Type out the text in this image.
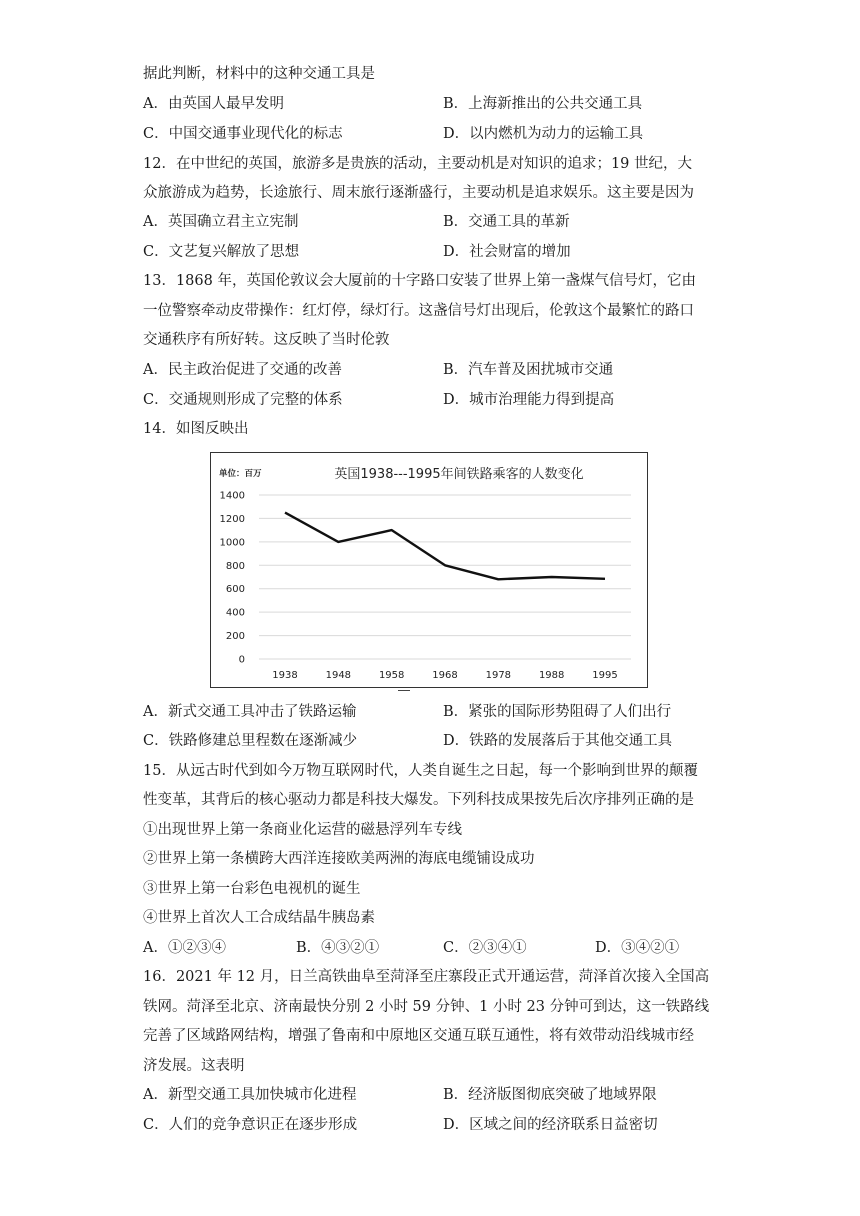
据此判断，材料中的这种交通工具是
A．由英国人最早发明	B．上海新推出的公共交通工具
C．中国交通事业现代化的标志	D．以内燃机为动力的运输工具
12．在中世纪的英国，旅游多是贵族的活动，主要动机是对知识的追求；19 世纪，大
众旅游成为趋势，长途旅行、周末旅行逐渐盛行，主要动机是追求娱乐。这主要是因为
A．英国确立君主立宪制	B．交通工具的革新
C．文艺复兴解放了思想	D．社会财富的增加
13．1868 年，英国伦敦议会大厦前的十字路口安装了世界上第一盏煤气信号灯，它由
一位警察牵动皮带操作：红灯停，绿灯行。这盏信号灯出现后，伦敦这个最繁忙的路口
交通秩序有所好转。这反映了当时伦敦
A．民主政治促进了交通的改善	B．汽车普及困扰城市交通
C．交通规则形成了完整的体系	D．城市治理能力得到提高
14．如图反映出
0
200
400
600
800
1000
1200
1400
1938	1948	1958	1968	1978	1988	1995
单位：百万	英国1938---1995年间铁路乘客的人数变化
A．新式交通工具冲击了铁路运输	B．紧张的国际形势阻碍了人们出行
C．铁路修建总里程数在逐渐减少	D．铁路的发展落后于其他交通工具
15．从远古时代到如今万物互联网时代，人类自诞生之日起，每一个影响到世界的颠覆
性变革，其背后的核心驱动力都是科技大爆发。下列科技成果按先后次序排列正确的是
①出现世界上第一条商业化运营的磁悬浮列车专线
②世界上第一条横跨大西洋连接欧美两洲的海底电缆铺设成功
③世界上第一台彩色电视机的诞生
④世界上首次人工合成结晶牛胰岛素
A．①②③④	B．④③②①	C．②③④①	D．③④②①
16．2021 年 12 月，日兰高铁曲阜至菏泽至庄寨段正式开通运营，菏泽首次接入全国高
铁网。菏泽至北京、济南最快分别 2 小时 59 分钟、1 小时 23 分钟可到达，这一铁路线
完善了区域路网结构，增强了鲁南和中原地区交通互联互通性，将有效带动沿线城市经
济发展。这表明
A．新型交通工具加快城市化进程	B．经济版图彻底突破了地域界限
C．人们的竞争意识正在逐步形成	D．区域之间的经济联系日益密切
